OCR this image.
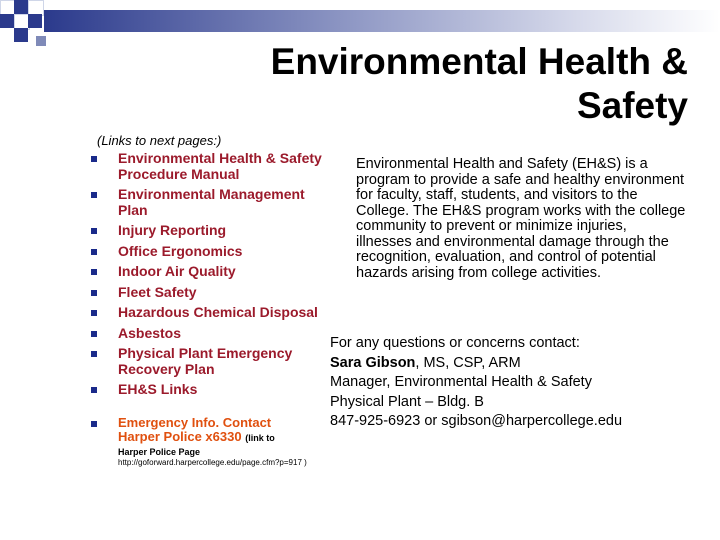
Environmental Health &
Safety
(Links to next pages:)
Environmental Health & Safety Procedure Manual
Environmental Management Plan
Injury Reporting
Office Ergonomics
Indoor Air Quality
Fleet Safety
Hazardous Chemical Disposal
Asbestos
Physical Plant Emergency Recovery Plan
EH&S Links
Emergency Info. Contact
Harper Police x6330 (link to
Harper Police Page
http://goforward.harpercollege.edu/page.cfm?p=917 )

Environmental Health and Safety (EH&S) is a program to provide a safe and healthy environment for faculty, staff, students, and visitors to the College. The EH&S program works with the college community to prevent or minimize injuries, illnesses and environmental damage through the recognition, evaluation, and control of potential hazards arising from college activities.

For any questions or concerns contact:
Sara Gibson, MS, CSP, ARM
Manager, Environmental Health & Safety
Physical Plant – Bldg. B
847-925-6923 or sgibson@harpercollege.edu
